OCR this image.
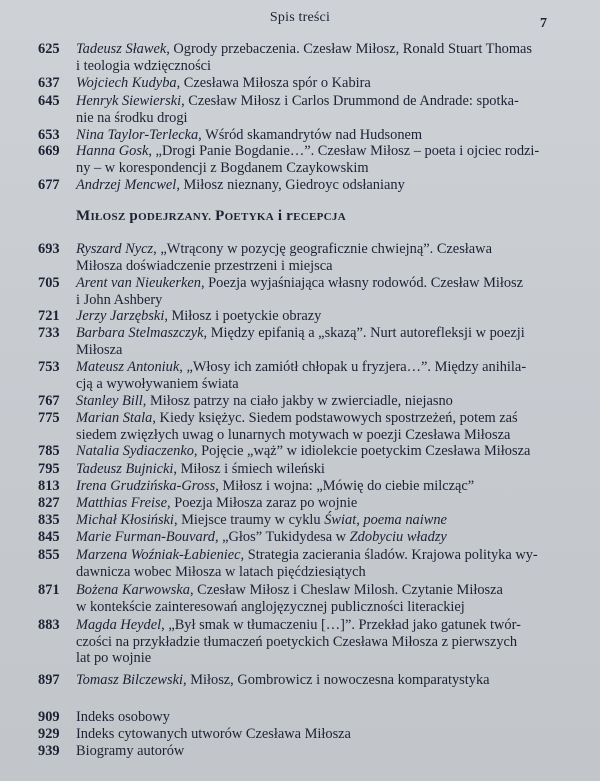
Spis treści	7
625	Tadeusz Sławek, Ogrody przebaczenia. Czesław Miłosz, Ronald Stuart Thomas
i teologia wdzięczności
637	Wojciech Kudyba, Czesława Miłosza spór o Kabira
645	Henryk Siewierski, Czesław Miłosz i Carlos Drummond de Andrade: spotka-
nie na środku drogi
653	Nina Taylor-Terlecka, Wśród skamandrytów nad Hudsonem
669	Hanna Gosk, „Drogi Panie Bogdanie…”. Czesław Miłosz – poeta i ojciec rodzi-
ny – w korespondencji z Bogdanem Czaykowskim
677	Andrzej Mencwel, Miłosz nieznany, Giedroyc odsłaniany
MIŁOSZ pODEJRZANY. POETYKA i rECEPCJA
693	Ryszard Nycz, „Wtrącony w pozycję geograficznie chwiejną”. Czesława
Miłosza doświadczenie przestrzeni i miejsca
705	Arent van Nieukerken, Poezja wyjaśniająca własny rodowód. Czesław Miłosz
i John Ashbery
721	Jerzy Jarzębski, Miłosz i poetyckie obrazy
733	Barbara Stelmaszczyk, Między epifanią a „skazą”. Nurt autorefleksji w poezji
Miłosza
753	Mateusz Antoniuk, „Włosy ich zamiótł chłopak u fryzjera…”. Między anihila-
cją a wywoływaniem świata
767	Stanley Bill, Miłosz patrzy na ciało jakby w zwierciadle, niejasno
775	Marian Stala, Kiedy księżyc. Siedem podstawowych spostrzeżeń, potem zaś
siedem zwięzłych uwag o lunarnych motywach w poezji Czesława Miłosza
785	Natalia Sydiaczenko, Pojęcie „wąż” w idiolekcie poetyckim Czesława Miłosza
795	Tadeusz Bujnicki, Miłosz i śmiech wileński
813	Irena Grudzińska-Gross, Miłosz i wojna: „Mówię do ciebie milcząc”
827	Matthias Freise, Poezja Miłosza zaraz po wojnie
835	Michał Kłosiński, Miejsce traumy w cyklu Świat, poema naiwne
845	Marie Furman-Bouvard, „Głos” Tukidydesa w Zdobyciu władzy
855	Marzena Woźniak-Łabieniec, Strategia zacierania śladów. Krajowa polityka wy-
dawnicza wobec Miłosza w latach pięćdziesiątych
871	Bożena Karwowska, Czesław Miłosz i Cheslaw Milosh. Czytanie Miłosza
w kontekście zainteresowań anglojęzycznej publiczności literackiej
883	Magda Heydel, „Był smak w tłumaczeniu […]”. Przekład jako gatunek twór-
czości na przykładzie tłumaczeń poetyckich Czesława Miłosza z pierwszych
lat po wojnie
897	Tomasz Bilczewski, Miłosz, Gombrowicz i nowoczesna komparatystyka
909	Indeks osobowy
929	Indeks cytowanych utworów Czesława Miłosza
939	Biogramy autorów
